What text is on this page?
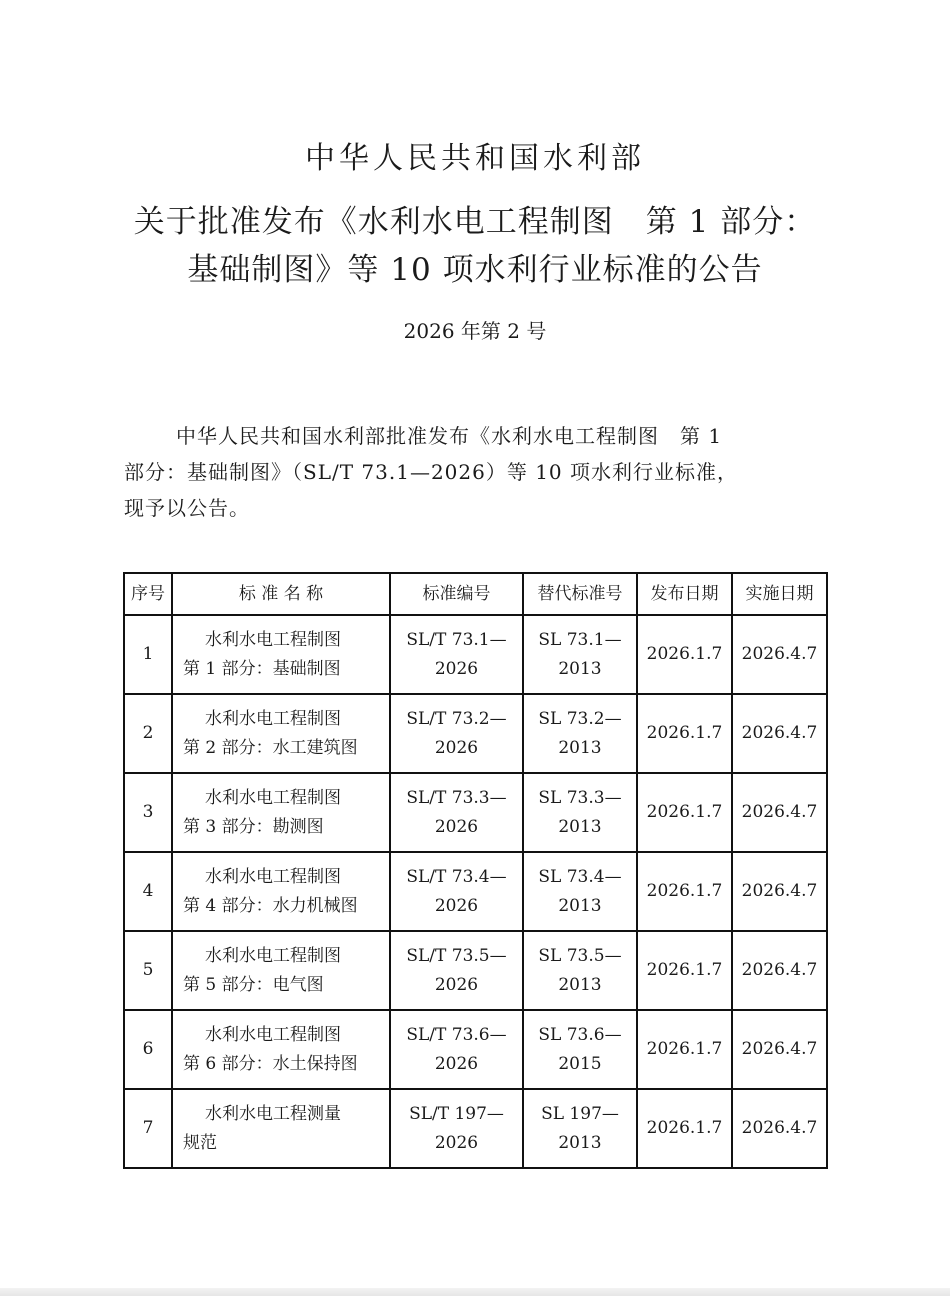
中华人民共和国水利部
关于批准发布《水利水电工程制图　第 1 部分：
基础制图》等 10 项水利行业标准的公告
2026 年第 2 号
中华人民共和国水利部批准发布《水利水电工程制图　第 1
部分：基础制图》（SL/T 73.1—2026）等 10 项水利行业标准，
现予以公告。
序号	标 准 名 称	标准编号	替代标准号	发布日期	实施日期
1	水利水电工程制图
第 1 部分：基础制图	SL/T 73.1—
2026	SL 73.1—
2013	2026.1.7	2026.4.7
2	水利水电工程制图
第 2 部分：水工建筑图	SL/T 73.2—
2026	SL 73.2—
2013	2026.1.7	2026.4.7
3	水利水电工程制图
第 3 部分：勘测图	SL/T 73.3—
2026	SL 73.3—
2013	2026.1.7	2026.4.7
4	水利水电工程制图
第 4 部分：水力机械图	SL/T 73.4—
2026	SL 73.4—
2013	2026.1.7	2026.4.7
5	水利水电工程制图
第 5 部分：电气图	SL/T 73.5—
2026	SL 73.5—
2013	2026.1.7	2026.4.7
6	水利水电工程制图
第 6 部分：水土保持图	SL/T 73.6—
2026	SL 73.6—
2015	2026.1.7	2026.4.7
7	水利水电工程测量
规范	SL/T 197—
2026	SL 197—
2013	2026.1.7	2026.4.7
